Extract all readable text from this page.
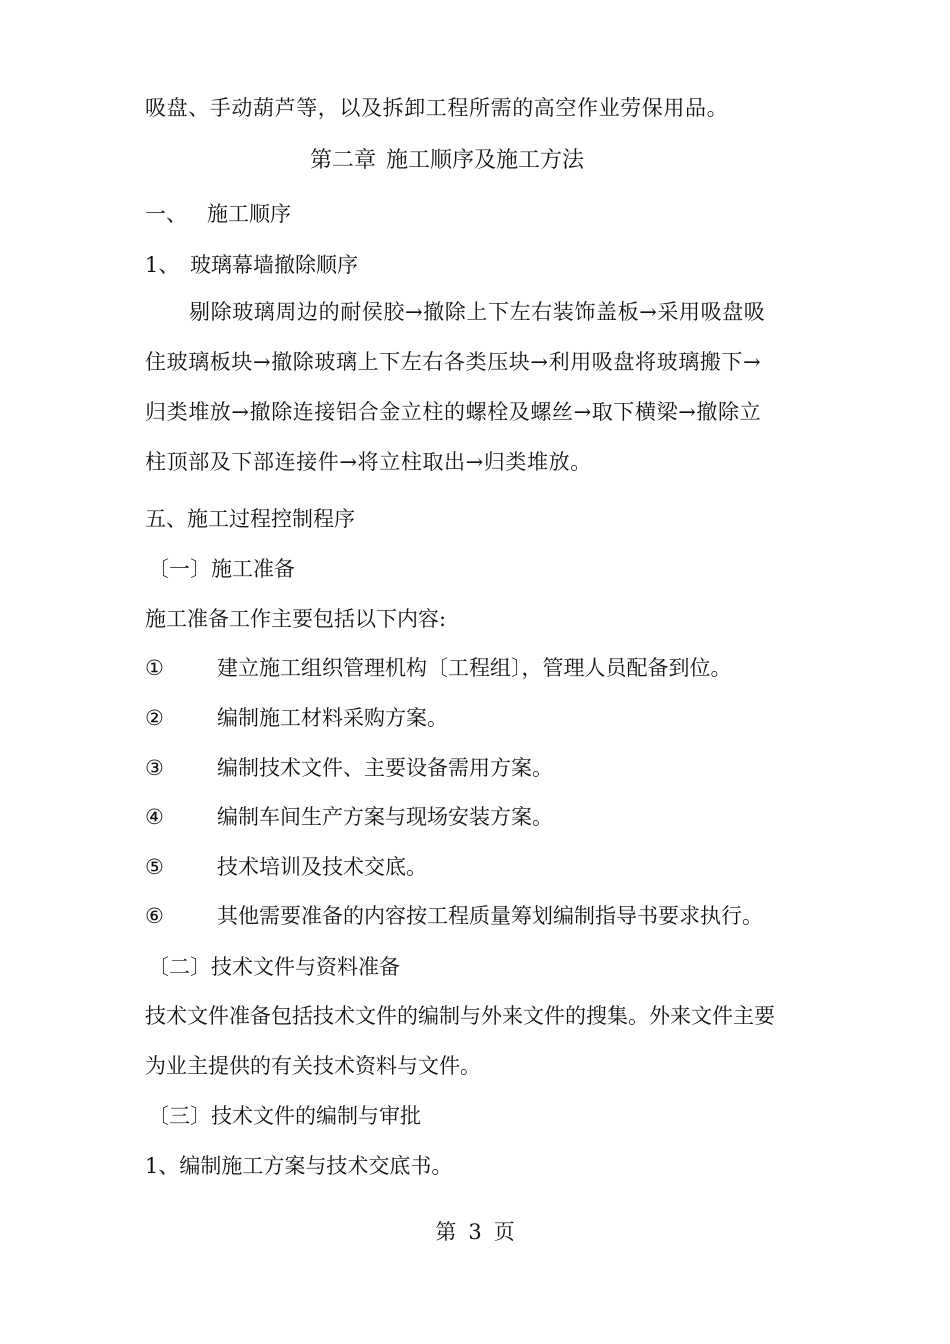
吸盘、手动葫芦等，以及拆卸工程所需的高空作业劳保用品。
第二章 施工顺序及施工方法
一、 施工顺序
1、 玻璃幕墙撤除顺序
剔除玻璃周边的耐侯胶→撤除上下左右装饰盖板→采用吸盘吸
住玻璃板块→撤除玻璃上下左右各类压块→利用吸盘将玻璃搬下→
归类堆放→撤除连接铝合金立柱的螺栓及螺丝→取下横梁→撤除立
柱顶部及下部连接件→将立柱取出→归类堆放。
五、施工过程控制程序
〔一〕施工准备
施工准备工作主要包括以下内容:
①	建立施工组织管理机构〔工程组〕，管理人员配备到位。
②	编制施工材料采购方案。
③	编制技术文件、主要设备需用方案。
④	编制车间生产方案与现场安装方案。
⑤	技术培训及技术交底。
⑥	其他需要准备的内容按工程质量筹划编制指导书要求执行。
〔二〕技术文件与资料准备
技术文件准备包括技术文件的编制与外来文件的搜集。外来文件主要
为业主提供的有关技术资料与文件。
〔三〕技术文件的编制与审批
1、编制施工方案与技术交底书。
第 3 页
